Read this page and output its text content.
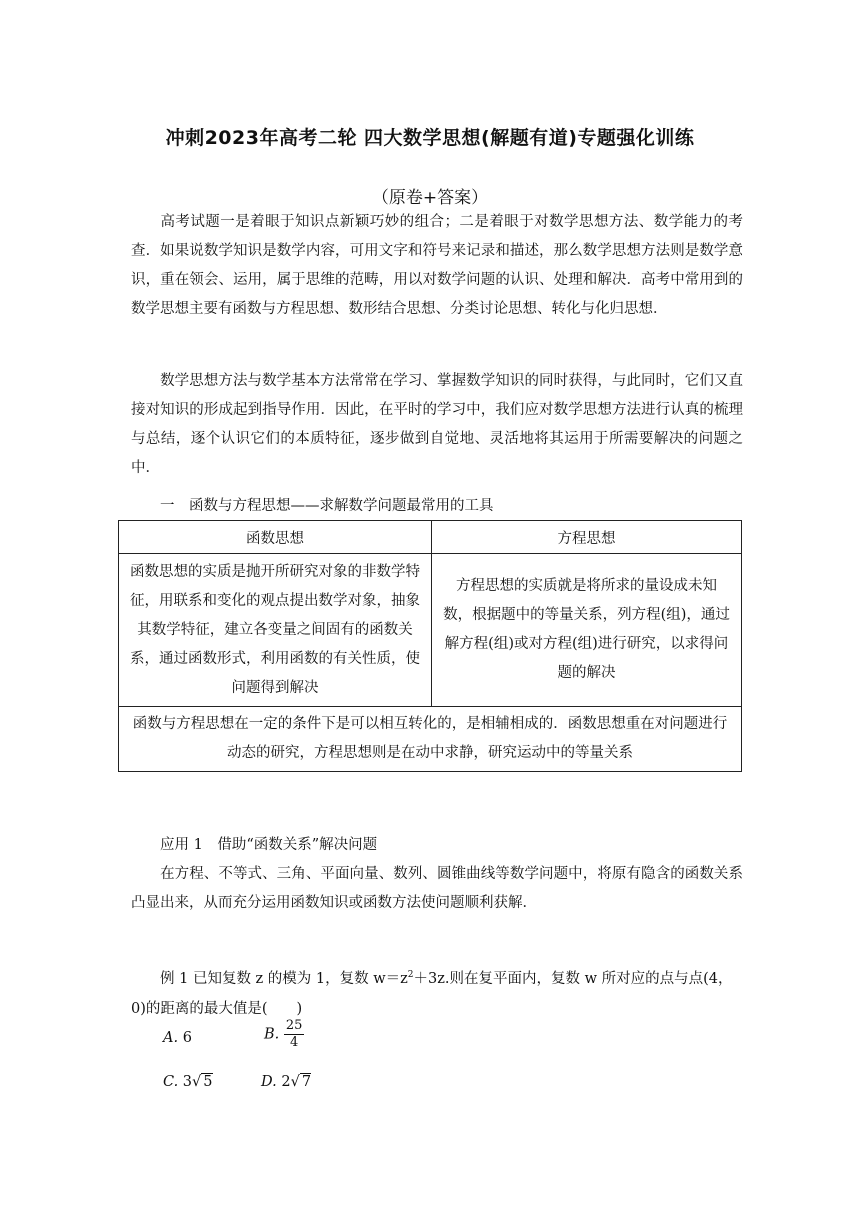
冲刺2023年高考二轮 四大数学思想(解题有道)专题强化训练
（原卷+答案）
高考试题一是着眼于知识点新颖巧妙的组合；二是着眼于对数学思想方法、数学能力的考查．如果说数学知识是数学内容，可用文字和符号来记录和描述，那么数学思想方法则是数学意识，重在领会、运用，属于思维的范畴，用以对数学问题的认识、处理和解决．高考中常用到的数学思想主要有函数与方程思想、数形结合思想、分类讨论思想、转化与化归思想．
数学思想方法与数学基本方法常常在学习、掌握数学知识的同时获得，与此同时，它们又直接对知识的形成起到指导作用．因此，在平时的学习中，我们应对数学思想方法进行认真的梳理与总结，逐个认识它们的本质特征，逐步做到自觉地、灵活地将其运用于所需要解决的问题之中．
一　函数与方程思想——求解数学问题最常用的工具
函数思想	方程思想
函数思想的实质是抛开所研究对象的非数学特征，用联系和变化的观点提出数学对象，抽象其数学特征，建立各变量之间固有的函数关系，通过函数形式，利用函数的有关性质，使问题得到解决	方程思想的实质就是将所求的量设成未知数，根据题中的等量关系，列方程(组)，通过解方程(组)或对方程(组)进行研究，以求得问题的解决
函数与方程思想在一定的条件下是可以相互转化的，是相辅相成的．函数思想重在对问题进行动态的研究，方程思想则是在动中求静，研究运动中的等量关系	
应用 1　借助“函数关系”解决问题
在方程、不等式、三角、平面向量、数列、圆锥曲线等数学问题中，将原有隐含的函数关系凸显出来，从而充分运用函数知识或函数方法使问题顺利获解．
例 1 已知复数 z 的模为 1，复数 $w=z^2+3z$.则在复平面内，复数 w 所对应的点与点(4，0)的距离的最大值是(　　)
A. 6	B. $\frac{25}{4}$
C. 3√ 5	D. 2√ 7
